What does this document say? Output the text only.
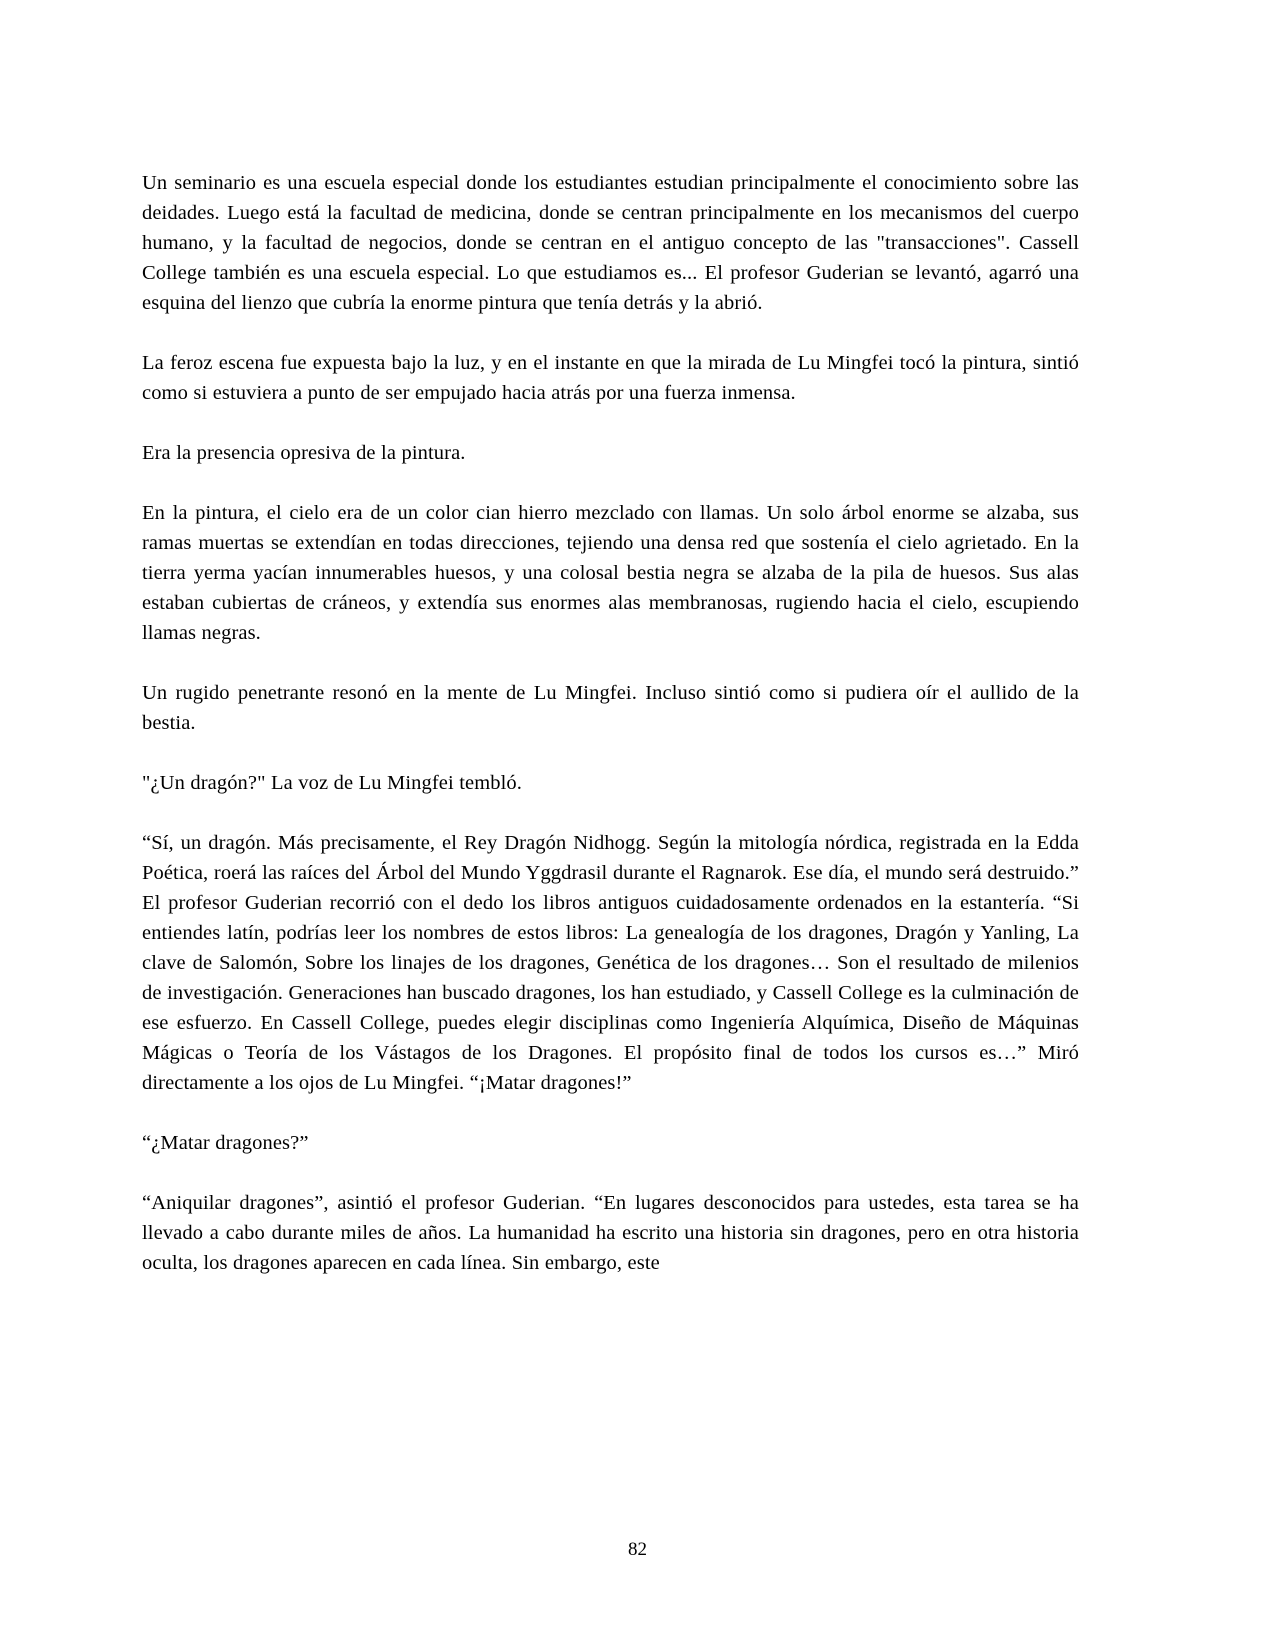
Un seminario es una escuela especial donde los estudiantes estudian principalmente el conocimiento sobre las deidades. Luego está la facultad de medicina, donde se centran principalmente en los mecanismos del cuerpo humano, y la facultad de negocios, donde se centran en el antiguo concepto de las "transacciones". Cassell College también es una escuela especial. Lo que estudiamos es... El profesor Guderian se levantó, agarró una esquina del lienzo que cubría la enorme pintura que tenía detrás y la abrió.

La feroz escena fue expuesta bajo la luz, y en el instante en que la mirada de Lu Mingfei tocó la pintura, sintió como si estuviera a punto de ser empujado hacia atrás por una fuerza inmensa.

Era la presencia opresiva de la pintura.

En la pintura, el cielo era de un color cian hierro mezclado con llamas. Un solo árbol enorme se alzaba, sus ramas muertas se extendían en todas direcciones, tejiendo una densa red que sostenía el cielo agrietado. En la tierra yerma yacían innumerables huesos, y una colosal bestia negra se alzaba de la pila de huesos. Sus alas estaban cubiertas de cráneos, y extendía sus enormes alas membranosas, rugiendo hacia el cielo, escupiendo llamas negras.

Un rugido penetrante resonó en la mente de Lu Mingfei. Incluso sintió como si pudiera oír el aullido de la bestia.

"¿Un dragón?" La voz de Lu Mingfei tembló.

“Sí, un dragón. Más precisamente, el Rey Dragón Nidhogg. Según la mitología nórdica, registrada en la Edda Poética, roerá las raíces del Árbol del Mundo Yggdrasil durante el Ragnarok. Ese día, el mundo será destruido.” El profesor Guderian recorrió con el dedo los libros antiguos cuidadosamente ordenados en la estantería. “Si entiendes latín, podrías leer los nombres de estos libros: La genealogía de los dragones, Dragón y Yanling, La clave de Salomón, Sobre los linajes de los dragones, Genética de los dragones… Son el resultado de milenios de investigación. Generaciones han buscado dragones, los han estudiado, y Cassell College es la culminación de ese esfuerzo. En Cassell College, puedes elegir disciplinas como Ingeniería Alquímica, Diseño de Máquinas Mágicas o Teoría de los Vástagos de los Dragones. El propósito final de todos los cursos es…” Miró directamente a los ojos de Lu Mingfei. “¡Matar dragones!”

“¿Matar dragones?”

“Aniquilar dragones”, asintió el profesor Guderian. “En lugares desconocidos para ustedes, esta tarea se ha llevado a cabo durante miles de años. La humanidad ha escrito una historia sin dragones, pero en otra historia oculta, los dragones aparecen en cada línea. Sin embargo, este

82
